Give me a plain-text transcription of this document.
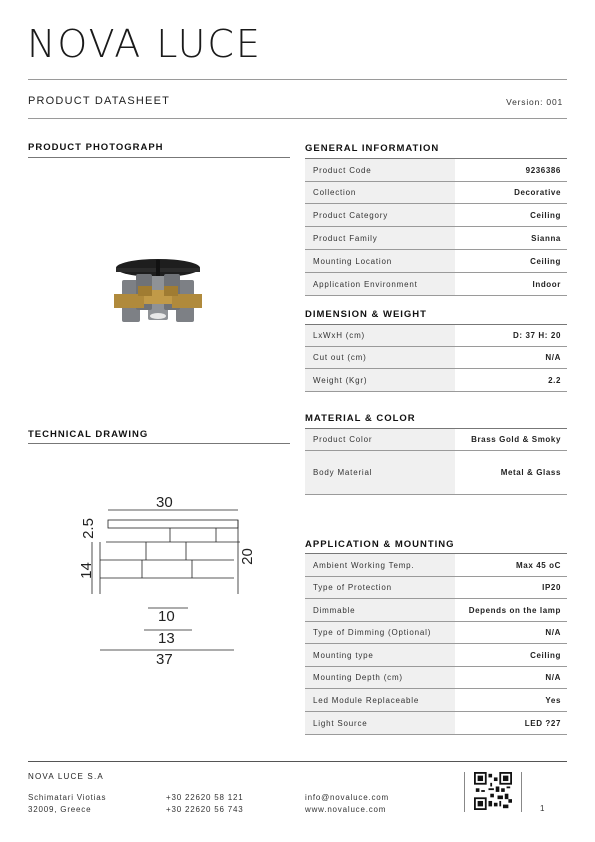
NOVA LUCE
PRODUCT DATASHEET	Version: 001
PRODUCT PHOTOGRAPH
TECHNICAL DRAWING
30
2.5
14
20
10
13
37
GENERAL INFORMATION
Product Code	9236386
Collection	Decorative
Product Category	Ceiling
Product Family	Sianna
Mounting Location	Ceiling
Application Environment	Indoor
DIMENSION & WEIGHT
LxWxH (cm)	D: 37 H: 20
Cut out (cm)	N/A
Weight (Kgr)	2.2
MATERIAL & COLOR
Product Color	Brass Gold & Smoky
Body Material	Metal & Glass
APPLICATION & MOUNTING
Ambient Working Temp.	Max 45 oC
Type of Protection	IP20
Dimmable	Depends on the lamp
Type of Dimming (Optional)	N/A
Mounting type	Ceiling
Mounting Depth (cm)	N/A
Led Module Replaceable	Yes
Light Source	LED ?27
NOVA LUCE S.A
Schimatari Viotias
32009, Greece
+30 22620 58 121
+30 22620 56 743
info@novaluce.com
www.novaluce.com	1
